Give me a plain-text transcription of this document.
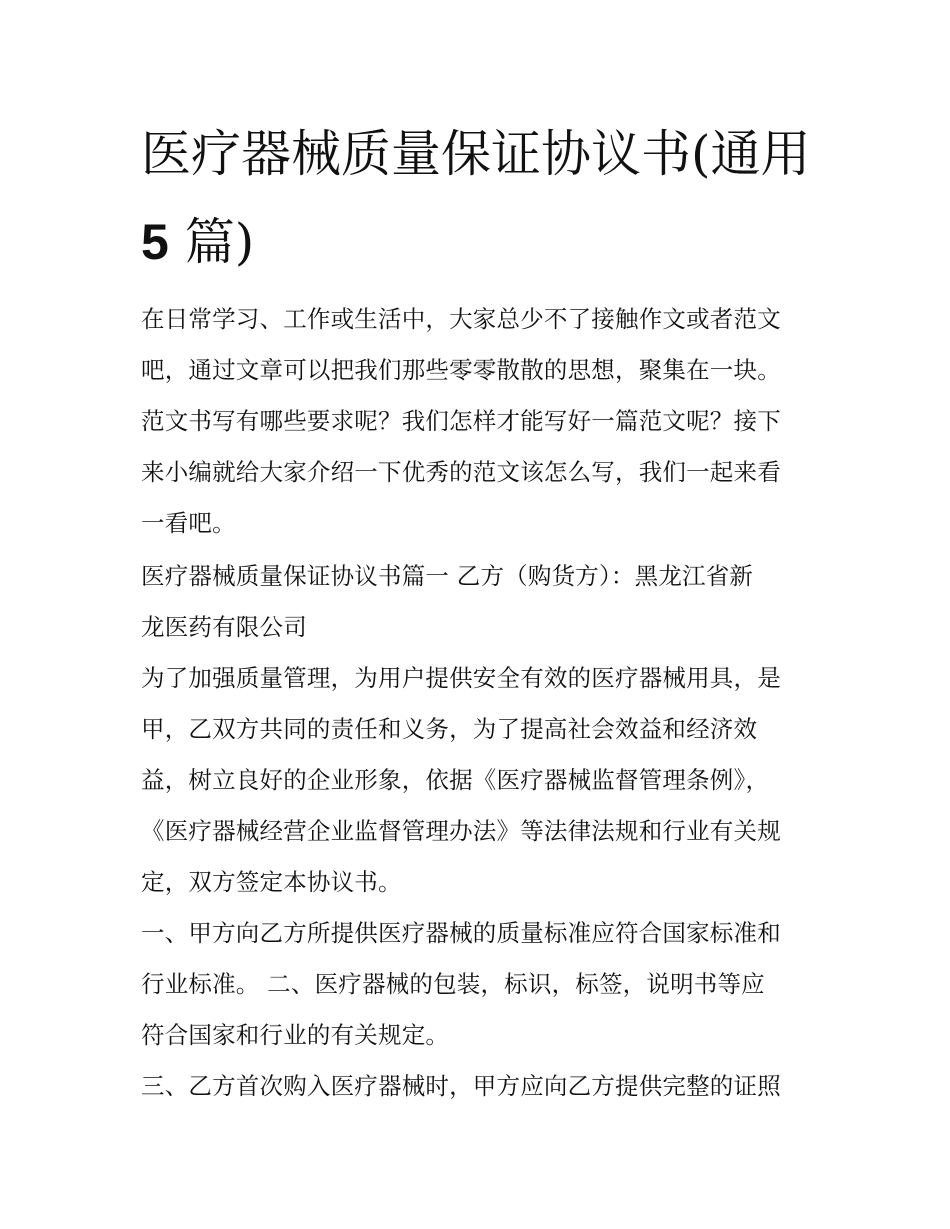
医疗器械质量保证协议书(通用
5 篇)
在日常学习、工作或生活中，大家总少不了接触作文或者范文
吧，通过文章可以把我们那些零零散散的思想，聚集在一块。
范文书写有哪些要求呢？我们怎样才能写好一篇范文呢？接下
来小编就给大家介绍一下优秀的范文该怎么写，我们一起来看
一看吧。
医疗器械质量保证协议书篇一 乙方（购货方）：黑龙江省新
龙医药有限公司
为了加强质量管理，为用户提供安全有效的医疗器械用具，是
甲，乙双方共同的责任和义务，为了提高社会效益和经济效
益，树立良好的企业形象，依据《医疗器械监督管理条例》，
《医疗器械经营企业监督管理办法》等法律法规和行业有关规
定，双方签定本协议书。
一、甲方向乙方所提供医疗器械的质量标准应符合国家标准和
行业标准。 二、医疗器械的包装，标识，标签，说明书等应
符合国家和行业的有关规定。
三、乙方首次购入医疗器械时，甲方应向乙方提供完整的证照
